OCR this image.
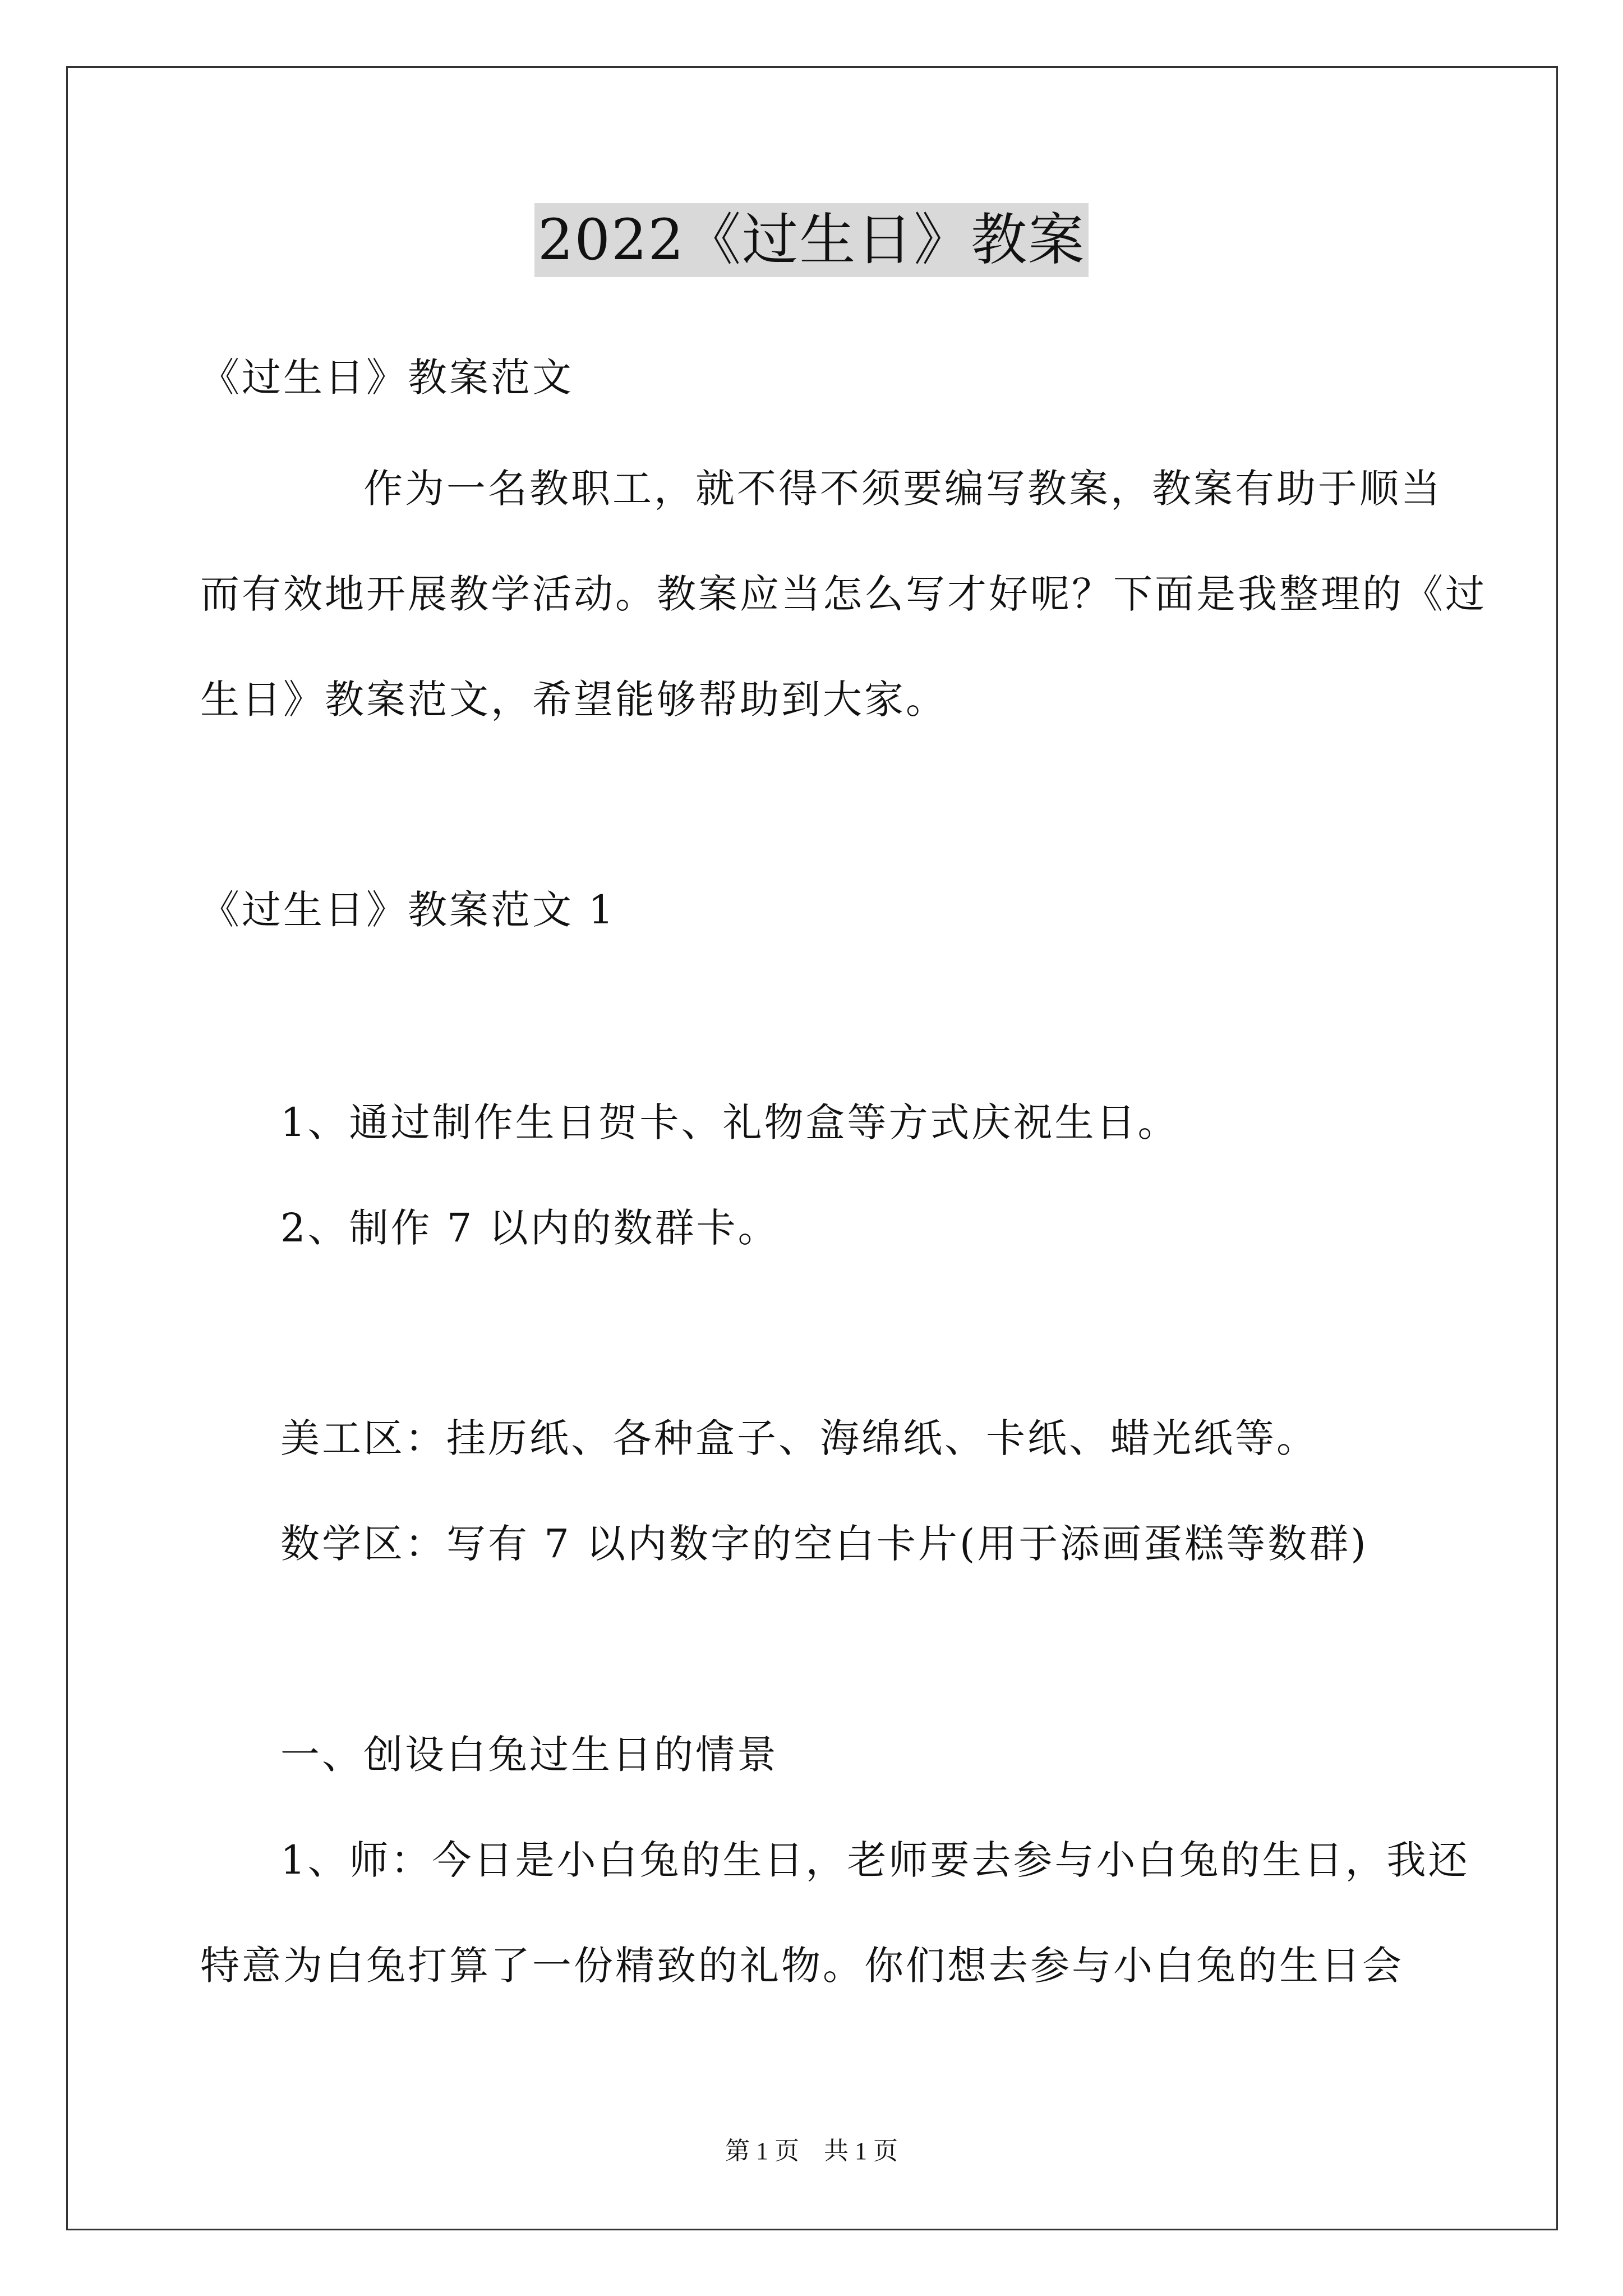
2022《过生日》教案
《过生日》教案范文
作为一名教职工，就不得不须要编写教案，教案有助于顺当
而有效地开展教学活动。教案应当怎么写才好呢？下面是我整理的《过
生日》教案范文，希望能够帮助到大家。
《过生日》教案范文 1
1、通过制作生日贺卡、礼物盒等方式庆祝生日。
2、制作 7 以内的数群卡。
美工区：挂历纸、各种盒子、海绵纸、卡纸、蜡光纸等。
数学区：写有 7 以内数字的空白卡片(用于添画蛋糕等数群)
一、创设白兔过生日的情景
1、师：今日是小白兔的生日，老师要去参与小白兔的生日，我还
特意为白兔打算了一份精致的礼物。你们想去参与小白兔的生日会
第 1 页　共 1 页
